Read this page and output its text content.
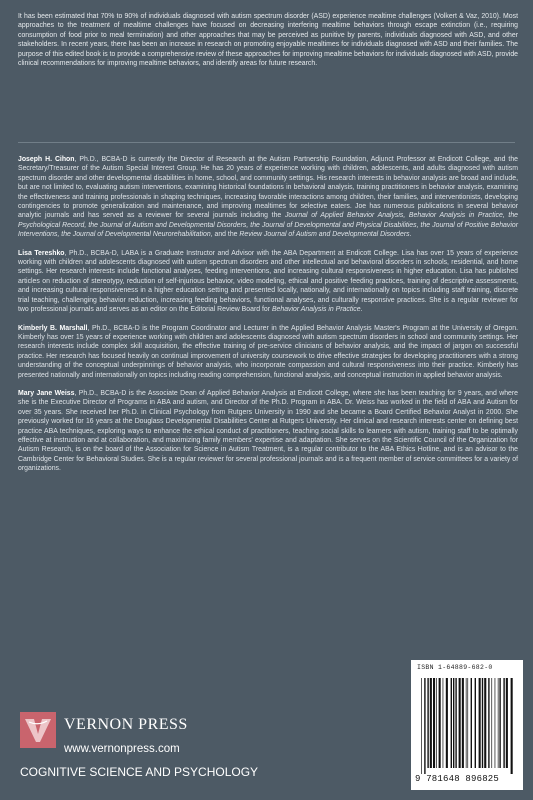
It has been estimated that 70% to 90% of individuals diagnosed with autism spectrum disorder (ASD) experience mealtime challenges (Volkert & Vaz, 2010). Most approaches to the treatment of mealtime challenges have focused on decreasing interfering mealtime behaviors through escape extinction (i.e., requiring consumption of food prior to meal termination) and other approaches that may be perceived as punitive by parents, individuals diagnosed with ASD, and other stakeholders. In recent years, there has been an increase in research on promoting enjoyable mealtimes for individuals diagnosed with ASD and their families. The purpose of this edited book is to provide a comprehensive review of these approaches for improving mealtime behaviors for individuals diagnosed with ASD, provide clinical recommendations for improving mealtime behaviors, and identify areas for future research.

Joseph H. Cihon, Ph.D., BCBA-D is currently the Director of Research at the Autism Partnership Foundation, Adjunct Professor at Endicott College, and the Secretary/Treasurer of the Autism Special Interest Group. He has 20 years of experience working with children, adolescents, and adults diagnosed with autism spectrum disorder and other developmental disabilities in home, school, and community settings. His research interests in behavior analysis are broad and include, but are not limited to, evaluating autism interventions, examining historical foundations in behavioral analysis, training practitioners in behavior analysis, examining the effectiveness and training professionals in shaping techniques, increasing favorable interactions among children, their families, and interventionists, developing contingencies to promote generalization and maintenance, and improving mealtimes for selective eaters. Joe has numerous publications in several behavior analytic journals and has served as a reviewer for several journals including the Journal of Applied Behavior Analysis, Behavior Analysis in Practice, the Psychological Record, the Journal of Autism and Developmental Disorders, the Journal of Developmental and Physical Disabilities, the Journal of Positive Behavior Interventions, the Journal of Developmental Neurorehabilitation, and the Review Journal of Autism and Developmental Disorders.

Lisa Tereshko, Ph.D., BCBA-D, LABA is a Graduate Instructor and Advisor with the ABA Department at Endicott College. Lisa has over 15 years of experience working with children and adolescents diagnosed with autism spectrum disorders and other intellectual and behavioral disorders in schools, residential, and home settings. Her research interests include functional analyses, feeding interventions, and increasing cultural responsiveness in higher education. Lisa has published articles on reduction of stereotypy, reduction of self-injurious behavior, video modeling, ethical and positive feeding practices, training of descriptive assessments, and increasing cultural responsiveness in a higher education setting and presented locally, nationally, and internationally on topics including staff training, discrete trial teaching, challenging behavior reduction, increasing feeding behaviors, functional analyses, and culturally responsive practices. She is a regular reviewer for two professional journals and serves as an editor on the Editorial Review Board for Behavior Analysis in Practice.

Kimberly B. Marshall, Ph.D., BCBA-D is the Program Coordinator and Lecturer in the Applied Behavior Analysis Master's Program at the University of Oregon. Kimberly has over 15 years of experience working with children and adolescents diagnosed with autism spectrum disorders in school and community settings. Her research interests include complex skill acquisition, the effective training of pre-service clinicians of behavior analysis, and the impact of jargon on successful practice. Her research has focused heavily on continual improvement of university coursework to drive effective strategies for developing practitioners with a strong understanding of the conceptual underpinnings of behavior analysis, who incorporate compassion and cultural responsiveness into their practice. Kimberly has presented nationally and internationally on topics including reading comprehension, functional analysis, and conceptual instruction in applied behavior analysis.

Mary Jane Weiss, Ph.D., BCBA-D is the Associate Dean of Applied Behavior Analysis at Endicott College, where she has been teaching for 9 years, and where she is the Executive Director of Programs in ABA and autism, and Director of the Ph.D. Program in ABA. Dr. Weiss has worked in the field of ABA and Autism for over 35 years. She received her Ph.D. in Clinical Psychology from Rutgers University in 1990 and she became a Board Certified Behavior Analyst in 2000. She previously worked for 16 years at the Douglass Developmental Disabilities Center at Rutgers University. Her clinical and research interests center on defining best practice ABA techniques, exploring ways to enhance the ethical conduct of practitioners, teaching social skills to learners with autism, training staff to be optimally effective at instruction and at collaboration, and maximizing family members' expertise and adaptation. She serves on the Scientific Council of the Organization for Autism Research, is on the board of the Association for Science in Autism Treatment, is a regular contributor to the ABA Ethics Hotline, and is an advisor to the Cambridge Center for Behavioral Studies. She is a regular reviewer for several professional journals and is a frequent member of service committees for a variety of organizations.

VERNON PRESS
www.vernonpress.com
COGNITIVE SCIENCE AND PSYCHOLOGY
ISBN 1-64889-682-0
9 781648 896825
